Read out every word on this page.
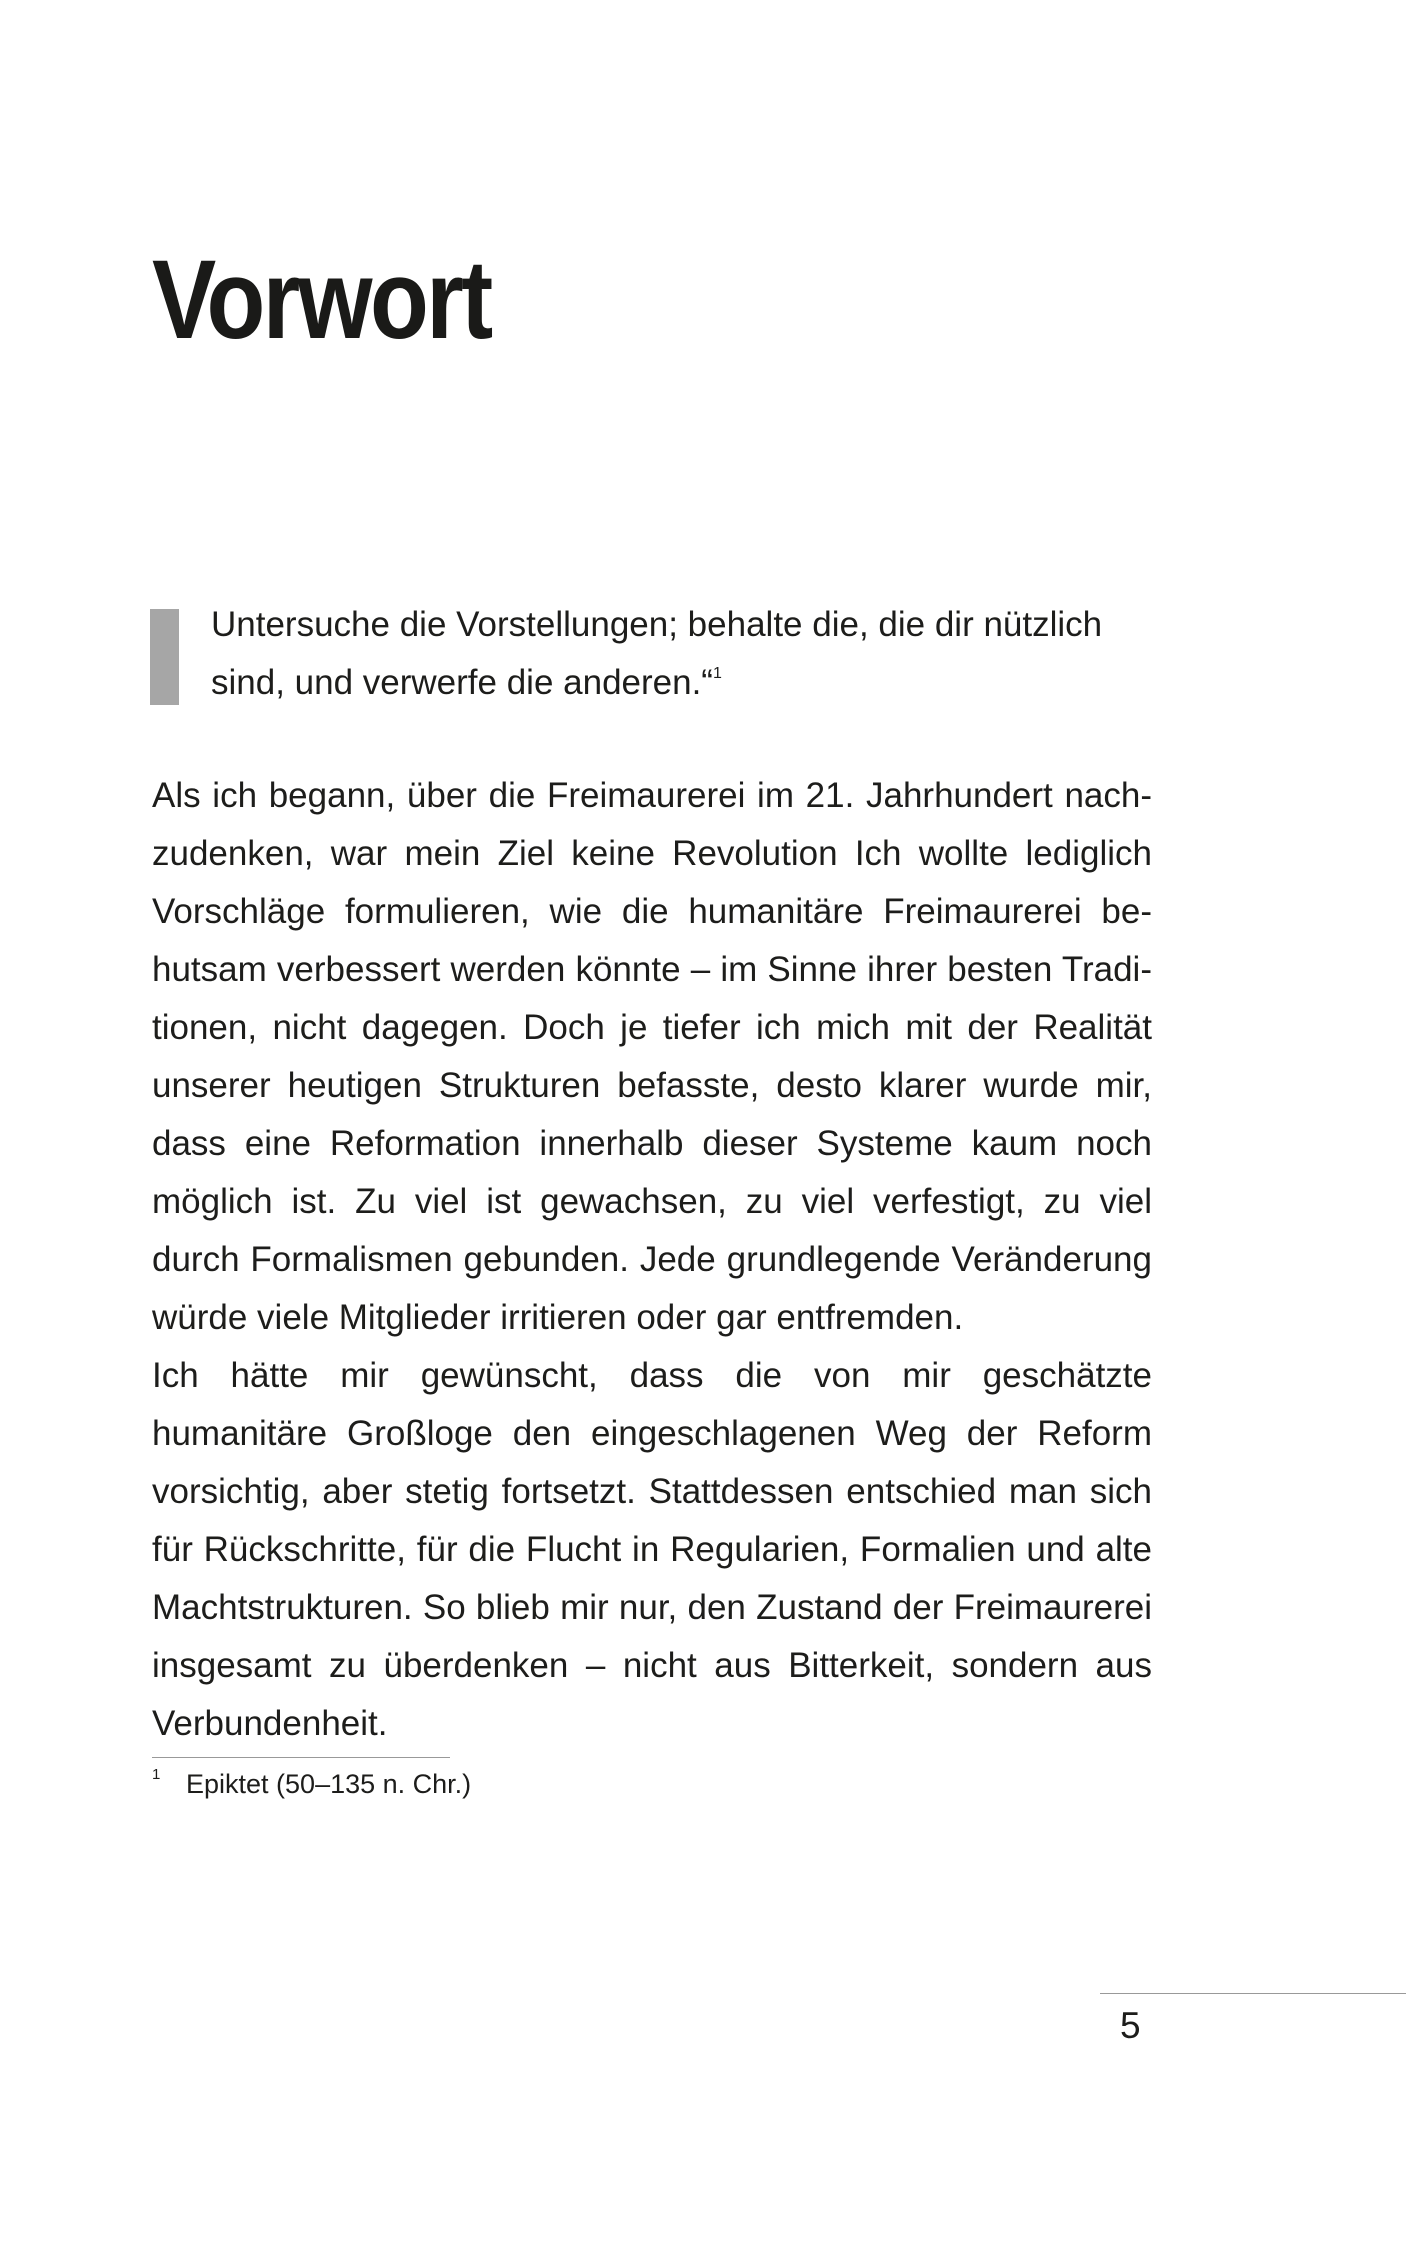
Vorwort

Untersuche die Vorstellungen; behalte die, die dir nützlich sind, und verwerfe die anderen.“$^1$

Als ich begann, über die Freimaurerei im 21. Jahrhundert nachzudenken, war mein Ziel keine Revolution Ich wollte lediglich Vorschläge formulieren, wie die humanitäre Freimaurerei behutsam verbessert werden könnte – im Sinne ihrer besten Traditionen, nicht dagegen. Doch je tiefer ich mich mit der Realität unserer heutigen Strukturen befasste, desto klarer wurde mir, dass eine Reformation innerhalb dieser Systeme kaum noch möglich ist. Zu viel ist gewachsen, zu viel verfestigt, zu viel durch Formalismen gebunden. Jede grundlegende Veränderung würde viele Mitglieder irritieren oder gar entfremden.
Ich hätte mir gewünscht, dass die von mir geschätzte humanitäre Großloge den eingeschlagenen Weg der Reform vorsichtig, aber stetig fortsetzt. Stattdessen entschied man sich für Rückschritte, für die Flucht in Regularien, Formalien und alte Machtstrukturen. So blieb mir nur, den Zustand der Freimaurerei insgesamt zu überdenken – nicht aus Bitterkeit, sondern aus Verbundenheit.

1 Epiktet (50–135 n. Chr.)

5
